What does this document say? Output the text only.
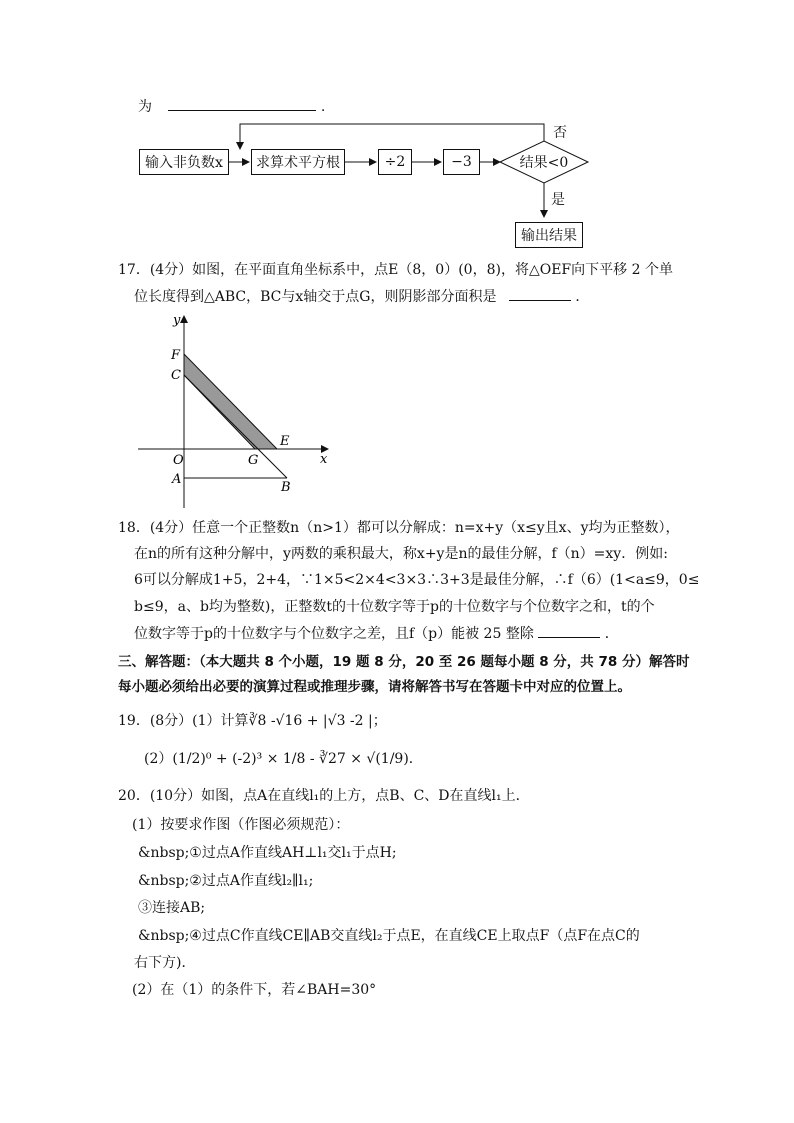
为	.
输入非负数x 求算术平方根	÷2	−3	结果<0
否
是
输出结果
17．(4分）如图，在平面直角坐标系中，点E（8，0）(0，8)，将△OEF向下平移 2 个单
位长度得到△ABC，BC与x轴交于点G，则阴影部分面积是	．
y
x
F
C
O	G
E
A
B
18．(4分）任意一个正整数n（n>1）都可以分解成：n=x+y（x≤y且x、y均为正整数），
在n的所有这种分解中，y两数的乘积最大，称x+y是n的最佳分解，f（n）=xy．例如:
6可以分解成1+5，2+4，∵1×5<2×4<3×3∴3+3是最佳分解，∴f（6）(1<a≤9，0≤
b≤9，a、b均为整数)，正整数t的十位数字等于p的十位数字与个位数字之和，t的个
位数字等于p的十位数字与个位数字之差，且f（p）能被 25 整除	．
三、解答题：（本大题共 8 个小题，19 题 8 分，20 至 26 题每小题 8 分，共 78 分）解答时
每小题必须给出必要的演算过程或推理步骤，请将解答书写在答题卡中对应的位置上。
19．(8分）(1）计算∛8 -√16 + |√3 -2 |；
(2）(1/2)⁰ + (-2)³ × 1/8 - ∛27 × √(1/9)．
20．(10分）如图，点A在直线l₁的上方，点B、C、D在直线l₁上．
(1）按要求作图（作图必须规范）：
&nbsp;①过点A作直线AH⊥l₁交l₁于点H;
&nbsp;②过点A作直线l₂∥l₁;
③连接AB;
&nbsp;④过点C作直线CE∥AB交直线l₂于点E，在直线CE上取点F（点F在点C的
右下方)．
(2）在（1）的条件下，若∠BAH=30°
